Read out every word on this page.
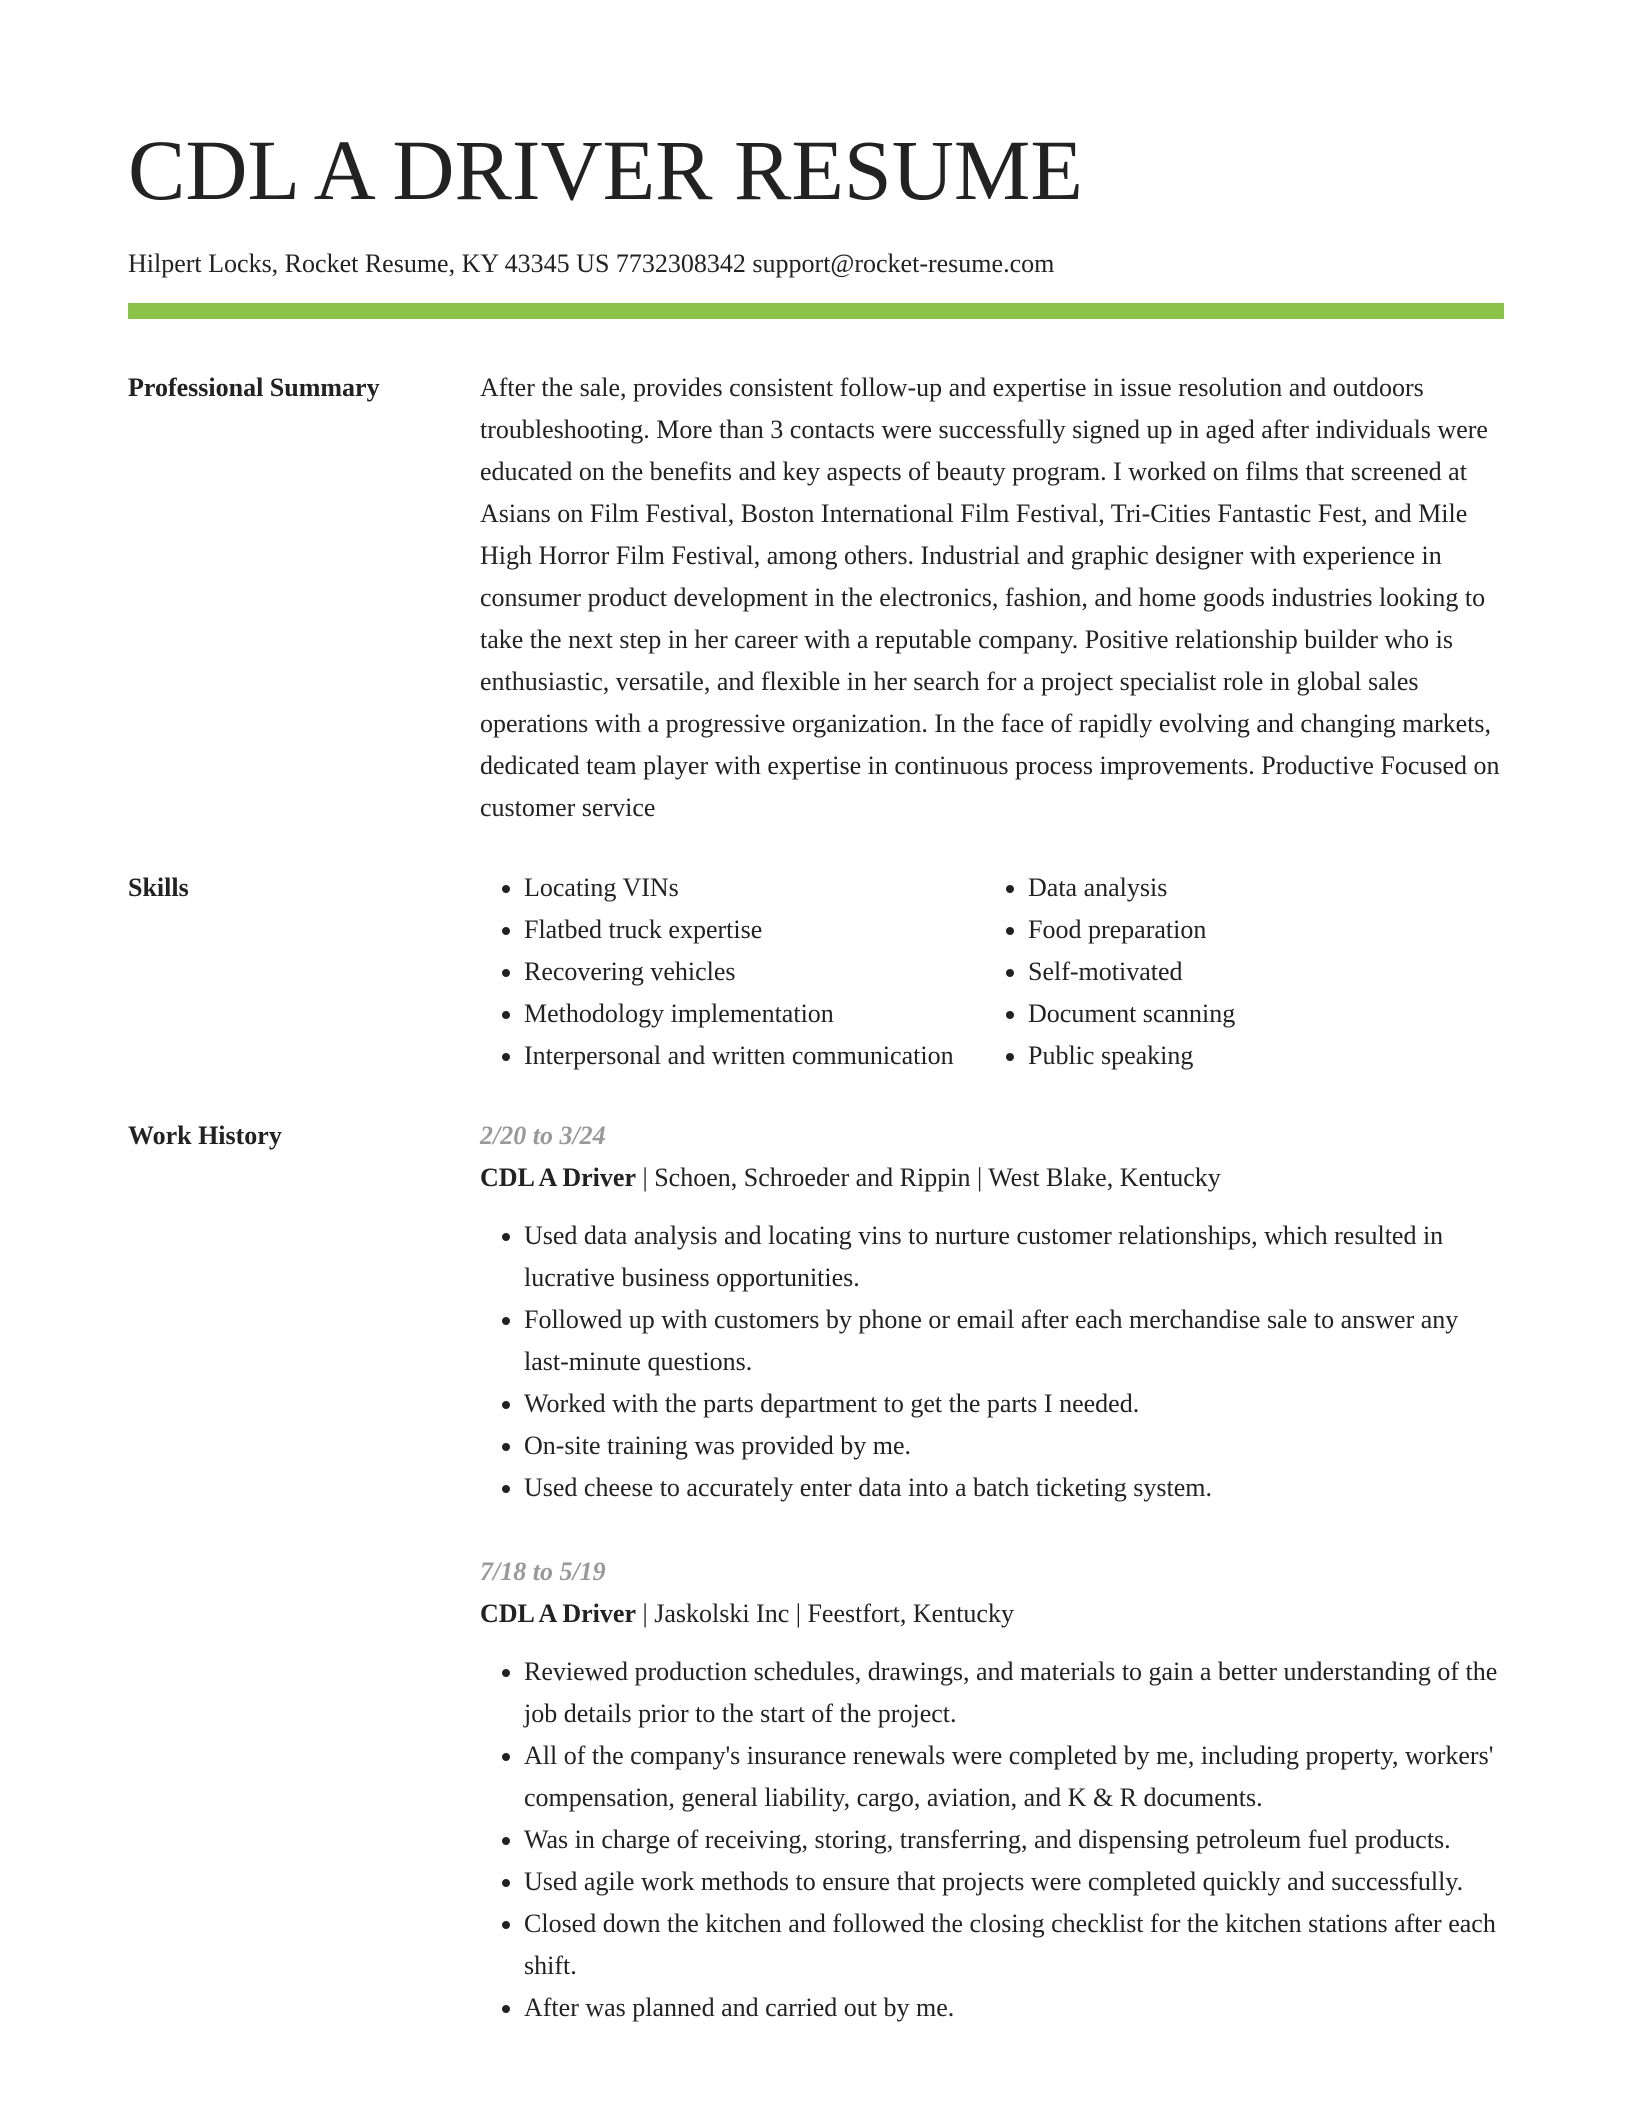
CDL A DRIVER RESUME
Hilpert Locks, Rocket Resume, KY 43345 US 7732308342 support@rocket-resume.com
Professional Summary	After the sale, provides consistent follow-up and expertise in issue resolution and outdoors troubleshooting. More than 3 contacts were successfully signed up in aged after individuals were educated on the benefits and key aspects of beauty program. I worked on films that screened at Asians on Film Festival, Boston International Film Festival, Tri-Cities Fantastic Fest, and Mile High Horror Film Festival, among others. Industrial and graphic designer with experience in consumer product development in the electronics, fashion, and home goods industries looking to take the next step in her career with a reputable company. Positive relationship builder who is enthusiastic, versatile, and flexible in her search for a project specialist role in global sales operations with a progressive organization. In the face of rapidly evolving and changing markets, dedicated team player with expertise in continuous process improvements. Productive Focused on customer service

Skills
•	Locating VINs
• Flatbed truck expertise
• Recovering vehicles
• Methodology implementation
• Interpersonal and written communication
• Data analysis
• Food preparation
• Self-motivated
• Document scanning
• Public speaking
Work History	2/20 to 3/24
CDL A Driver | Schoen, Schroeder and Rippin | West Blake, Kentucky
• Used data analysis and locating vins to nurture customer relationships, which resulted in lucrative business opportunities.
• Followed up with customers by phone or email after each merchandise sale to answer any last-minute questions.
• Worked with the parts department to get the parts I needed.
• On-site training was provided by me.
• Used cheese to accurately enter data into a batch ticketing system.
7/18 to 5/19
CDL A Driver | Jaskolski Inc | Feestfort, Kentucky
• Reviewed production schedules, drawings, and materials to gain a better understanding of the job details prior to the start of the project.
• All of the company's insurance renewals were completed by me, including property, workers' compensation, general liability, cargo, aviation, and K & R documents.
• Was in charge of receiving, storing, transferring, and dispensing petroleum fuel products.
• Used agile work methods to ensure that projects were completed quickly and successfully.
• Closed down the kitchen and followed the closing checklist for the kitchen stations after each shift.
• After was planned and carried out by me.
